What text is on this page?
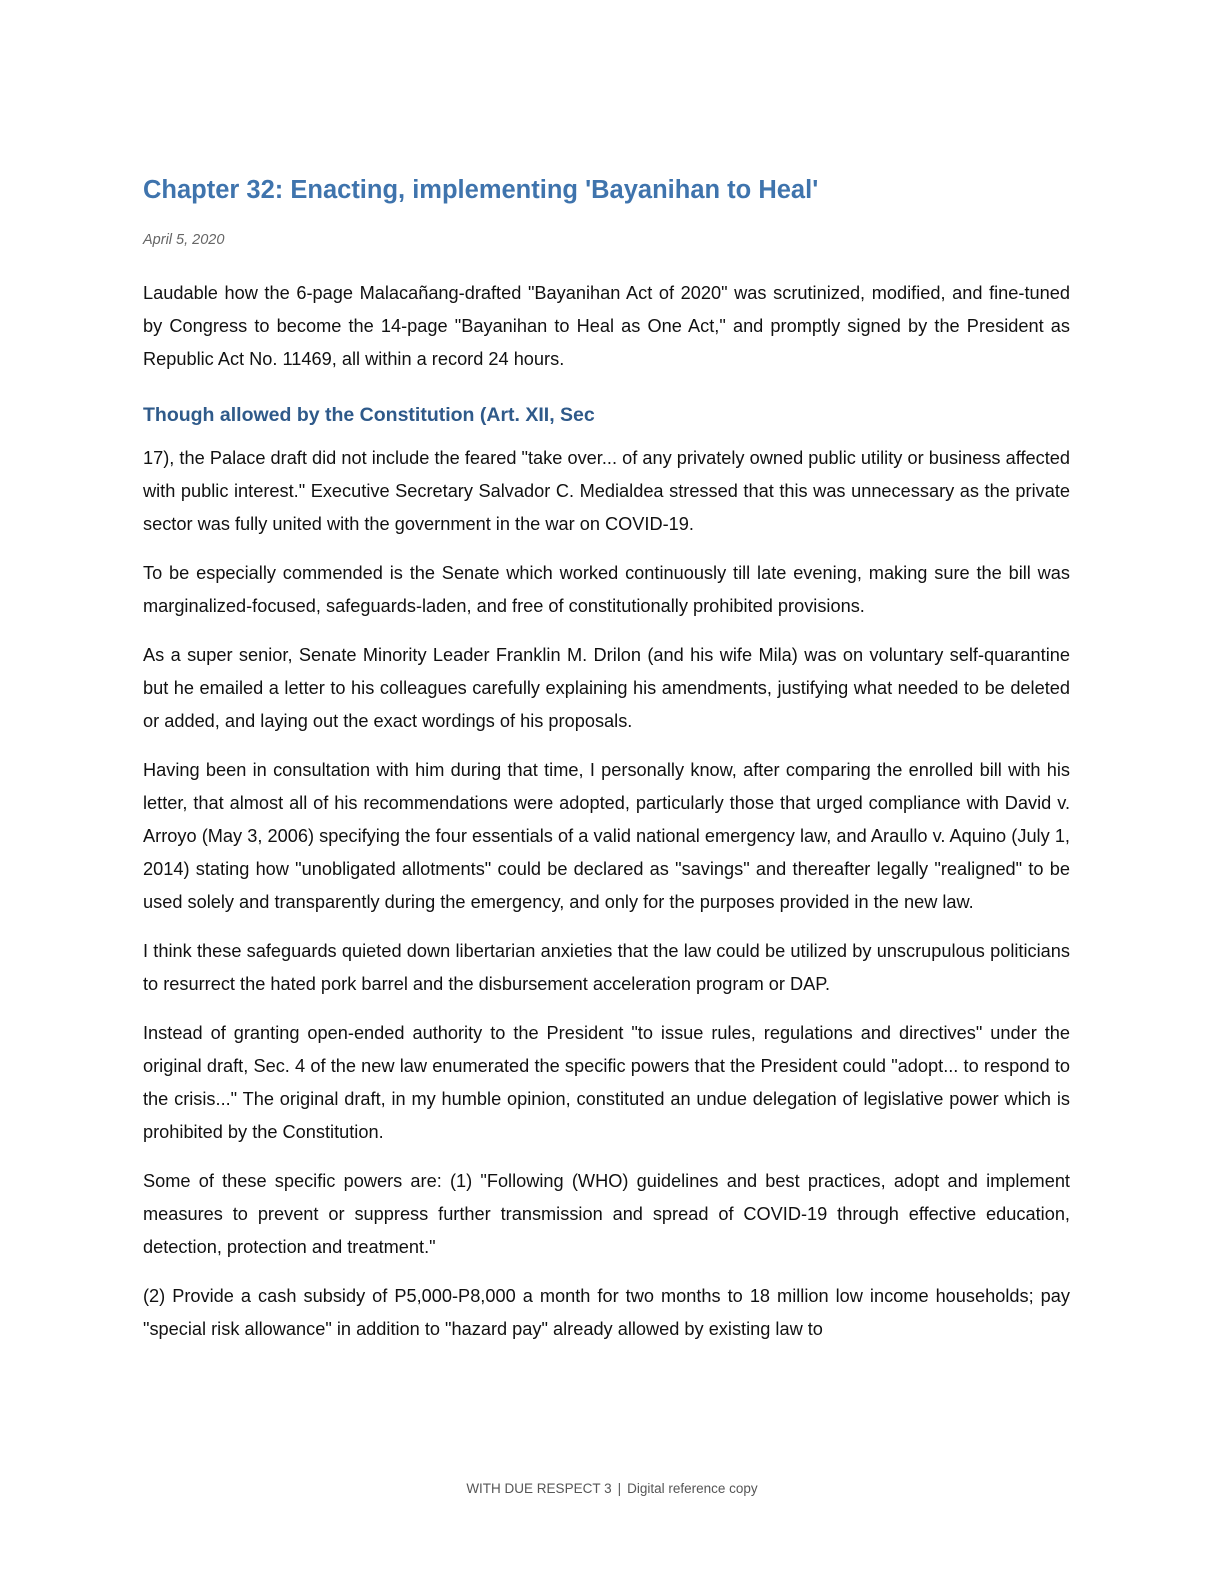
Chapter 32: Enacting, implementing 'Bayanihan to Heal'
April 5, 2020

Laudable how the 6-page Malacañang-drafted "Bayanihan Act of 2020" was scrutinized, modified, and fine-tuned by Congress to become the 14-page "Bayanihan to Heal as One Act," and promptly signed by the President as Republic Act No. 11469, all within a record 24 hours.

Though allowed by the Constitution (Art. XII, Sec

17), the Palace draft did not include the feared "take over... of any privately owned public utility or business affected with public interest." Executive Secretary Salvador C. Medialdea stressed that this was unnecessary as the private sector was fully united with the government in the war on COVID-19.

To be especially commended is the Senate which worked continuously till late evening, making sure the bill was marginalized-focused, safeguards-laden, and free of constitutionally prohibited provisions.

As a super senior, Senate Minority Leader Franklin M. Drilon (and his wife Mila) was on voluntary self-quarantine but he emailed a letter to his colleagues carefully explaining his amendments, justifying what needed to be deleted or added, and laying out the exact wordings of his proposals.

Having been in consultation with him during that time, I personally know, after comparing the enrolled bill with his letter, that almost all of his recommendations were adopted, particularly those that urged compliance with David v. Arroyo (May 3, 2006) specifying the four essentials of a valid national emergency law, and Araullo v. Aquino (July 1, 2014) stating how "unobligated allotments" could be declared as "savings" and thereafter legally "realigned" to be used solely and transparently during the emergency, and only for the purposes provided in the new law.

I think these safeguards quieted down libertarian anxieties that the law could be utilized by unscrupulous politicians to resurrect the hated pork barrel and the disbursement acceleration program or DAP.

Instead of granting open-ended authority to the President "to issue rules, regulations and directives" under the original draft, Sec. 4 of the new law enumerated the specific powers that the President could "adopt... to respond to the crisis..." The original draft, in my humble opinion, constituted an undue delegation of legislative power which is prohibited by the Constitution.

Some of these specific powers are: (1) "Following (WHO) guidelines and best practices, adopt and implement measures to prevent or suppress further transmission and spread of COVID-19 through effective education, detection, protection and treatment."

(2) Provide a cash subsidy of P5,000-P8,000 a month for two months to 18 million low income households; pay "special risk allowance" in addition to "hazard pay" already allowed by existing law to

WITH DUE RESPECT 3 | Digital reference copy
